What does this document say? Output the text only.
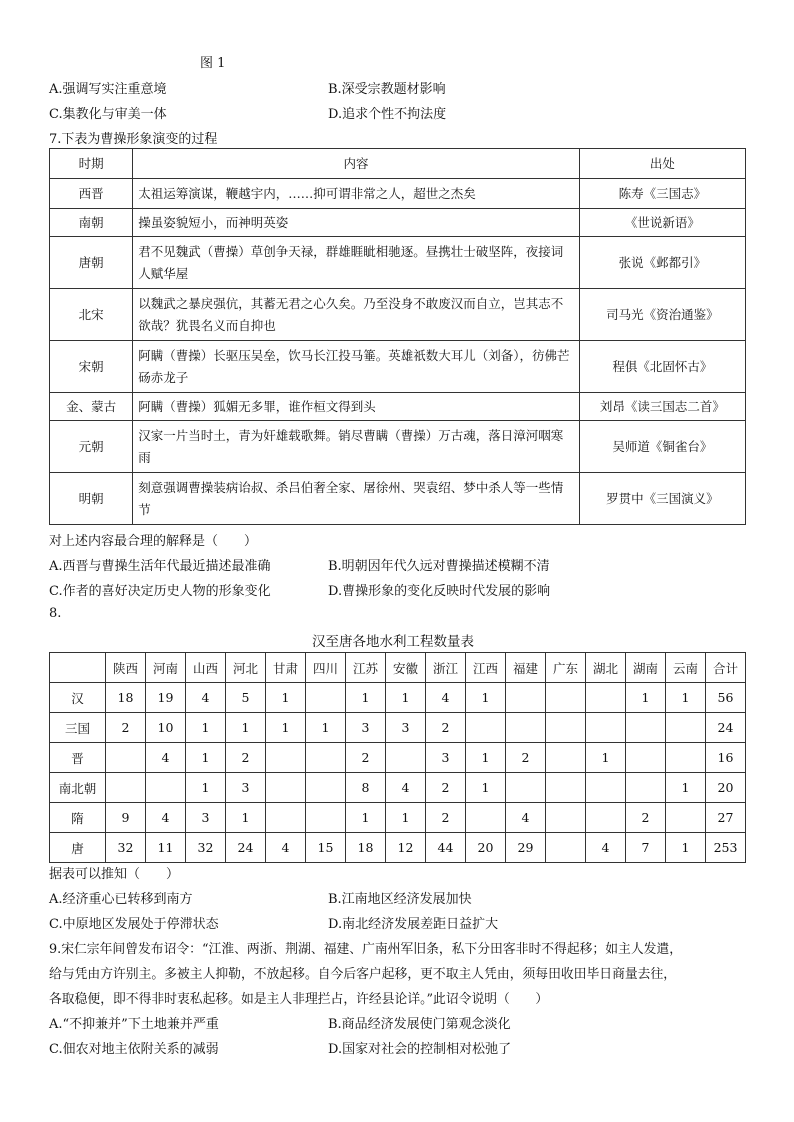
图 1
A.强调写实注重意境	B.深受宗教题材影响
C.集教化与审美一体	D.追求个性不拘法度
7.下表为曹操形象演变的过程
时期	内容	出处
西晋	太祖运筹演谋，鞭越宇内，……抑可谓非常之人，超世之杰矣	陈寿《三国志》
南朝	操虽姿貌短小，而神明英姿	《世说新语》
唐朝	君不见魏武（曹操）草创争天禄，群雄睚眦相驰逐。昼携壮士破坚阵，夜接词人赋华屋	张说《邺都引》
北宋	以魏武之暴戾强伉，其蓄无君之心久矣。乃至没身不敢废汉而自立，岂其志不欲哉？犹畏名义而自抑也	司马光《资治通鉴》
宋朝	阿瞒（曹操）长驱压吴垒，饮马长江投马箠。英雄祇数大耳儿（刘备），彷佛芒砀赤龙子	程俱《北固怀古》
金、蒙古	阿瞒（曹操）狐媚无多罪，谁作桓文得到头	刘昂《读三国志二首》
元朝	汉家一片当时土，青为奸雄载歌舞。销尽曹瞒（曹操）万古魂，落日漳河咽寒雨	吴师道《铜雀台》
明朝	刻意强调曹操装病诒叔、杀吕伯奢全家、屠徐州、哭袁绍、梦中杀人等一些情节	罗贯中《三国演义》
对上述内容最合理的解释是（　　）
A.西晋与曹操生活年代最近描述最准确	B.明朝因年代久远对曹操描述模糊不清
C.作者的喜好决定历史人物的形象变化	D.曹操形象的变化反映时代发展的影响
8.
汉至唐各地水利工程数量表
	陕西	河南	山西	河北	甘肃	四川	江苏	安徽	浙江	江西	福建	广东	湖北	湖南	云南	合计
汉	18	19	4	5	1		1	1	4	1				1	1	56
三国	2	10	1	1	1	1	3	3	2							24
晋		4	1	2			2		3	1	2		1			16
南北朝			1	3			8	4	2	1					1	20
隋	9	4	3	1			1	1	2		4			2		27
唐	32	11	32	24	4	15	18	12	44	20	29		4	7	1	253
据表可以推知（　　）
A.经济重心已转移到南方	B.江南地区经济发展加快
C.中原地区发展处于停滞状态	D.南北经济发展差距日益扩大
9.宋仁宗年间曾发布诏令：“江淮、两浙、荆湖、福建、广南州军旧条，私下分田客非时不得起移；如主人发遣，
给与凭由方许别主。多被主人抑勒，不放起移。自今后客户起移，更不取主人凭由，须每田收田毕日商量去往，
各取稳便，即不得非时衷私起移。如是主人非理拦占，许经县论详。”此诏令说明（　　）
A.“不抑兼并”下土地兼并严重	B.商品经济发展使门第观念淡化
C.佃农对地主依附关系的减弱	D.国家对社会的控制相对松弛了
